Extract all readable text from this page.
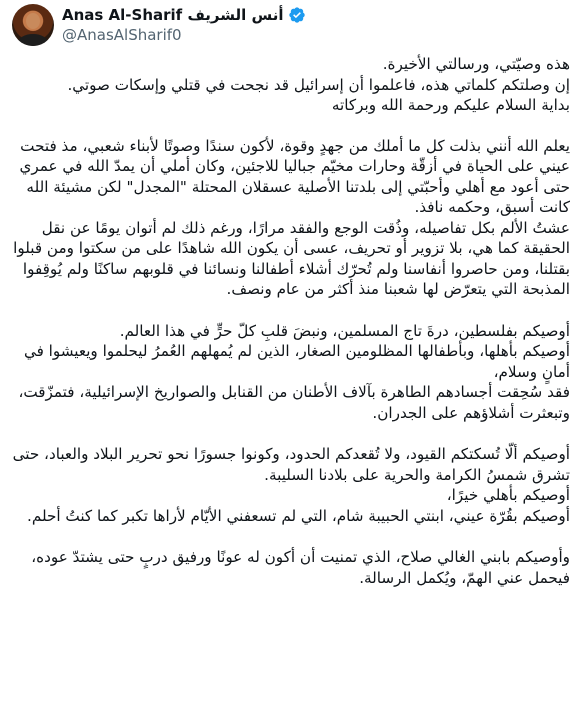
Anas Al-Sharif أنس الشريف
@AnasAlSharif0

هذه وصيّتي، ورسالتي الأخيرة.

إن وصلتكم كلماتي هذه، فاعلموا أن إسرائيل قد نجحت في قتلي وإسكات صوتي.

بداية السلام عليكم ورحمة الله وبركاته

يعلم الله أنني بذلت كل ما أملك من جهدٍ وقوة، لأكون سندًا وصوتًا لأبناء شعبي، مذ فتحت عيني على الحياة في أزقّة وحارات مخيّم جباليا للاجئين، وكان أملي أن يمدّ الله في عمري حتى أعود مع أهلي وأحبّتي إلى بلدتنا الأصلية عسقلان المحتلة "المجدل" لكن مشيئة الله كانت أسبق، وحكمه نافذ.

عشتُ الألم بكل تفاصيله، وذُقت الوجع والفقد مرارًا، ورغم ذلك لم أتوان يومًا عن نقل الحقيقة كما هي، بلا تزوير أو تحريف، عسى أن يكون الله شاهدًا على من سكتوا ومن قبلوا بقتلنا، ومن حاصروا أنفاسنا ولم تُحرّك أشلاء أطفالنا ونسائنا في قلوبهم ساكنًا ولم يُوقِفوا المذبحة التي يتعرّض لها شعبنا منذ أكثر من عام ونصف.

أوصيكم بفلسطين، درةَ تاج المسلمين، ونبضَ قلبِ كلّ حرٍّ في هذا العالم.

أوصيكم بأهلها، وبأطفالها المظلومين الصغار، الذين لم يُمهلهم العُمرُ ليحلموا ويعيشوا في أمانٍ وسلام،

فقد سُحِقت أجسادهم الطاهرة بآلاف الأطنان من القنابل والصواريخ الإسرائيلية، فتمزّقت، وتبعثرت أشلاؤهم على الجدران.

أوصيكم ألّا تُسكتكم القيود، ولا تُقعدكم الحدود، وكونوا جسورًا نحو تحرير البلاد والعباد، حتى تشرق شمسُ الكرامة والحرية على بلادنا السليبة.

أوصيكم بأهلي خيرًا،

أوصيكم بقُرّة عيني، ابنتي الحبيبة شام، التي لم تسعفني الأيّام لأراها تكبر كما كنتُ أحلم.

وأوصيكم بابني الغالي صلاح، الذي تمنيت أن أكون له عونًا ورفيق دربٍ حتى يشتدّ عوده، فيحمل عني الهمّ، ويُكمل الرسالة.
